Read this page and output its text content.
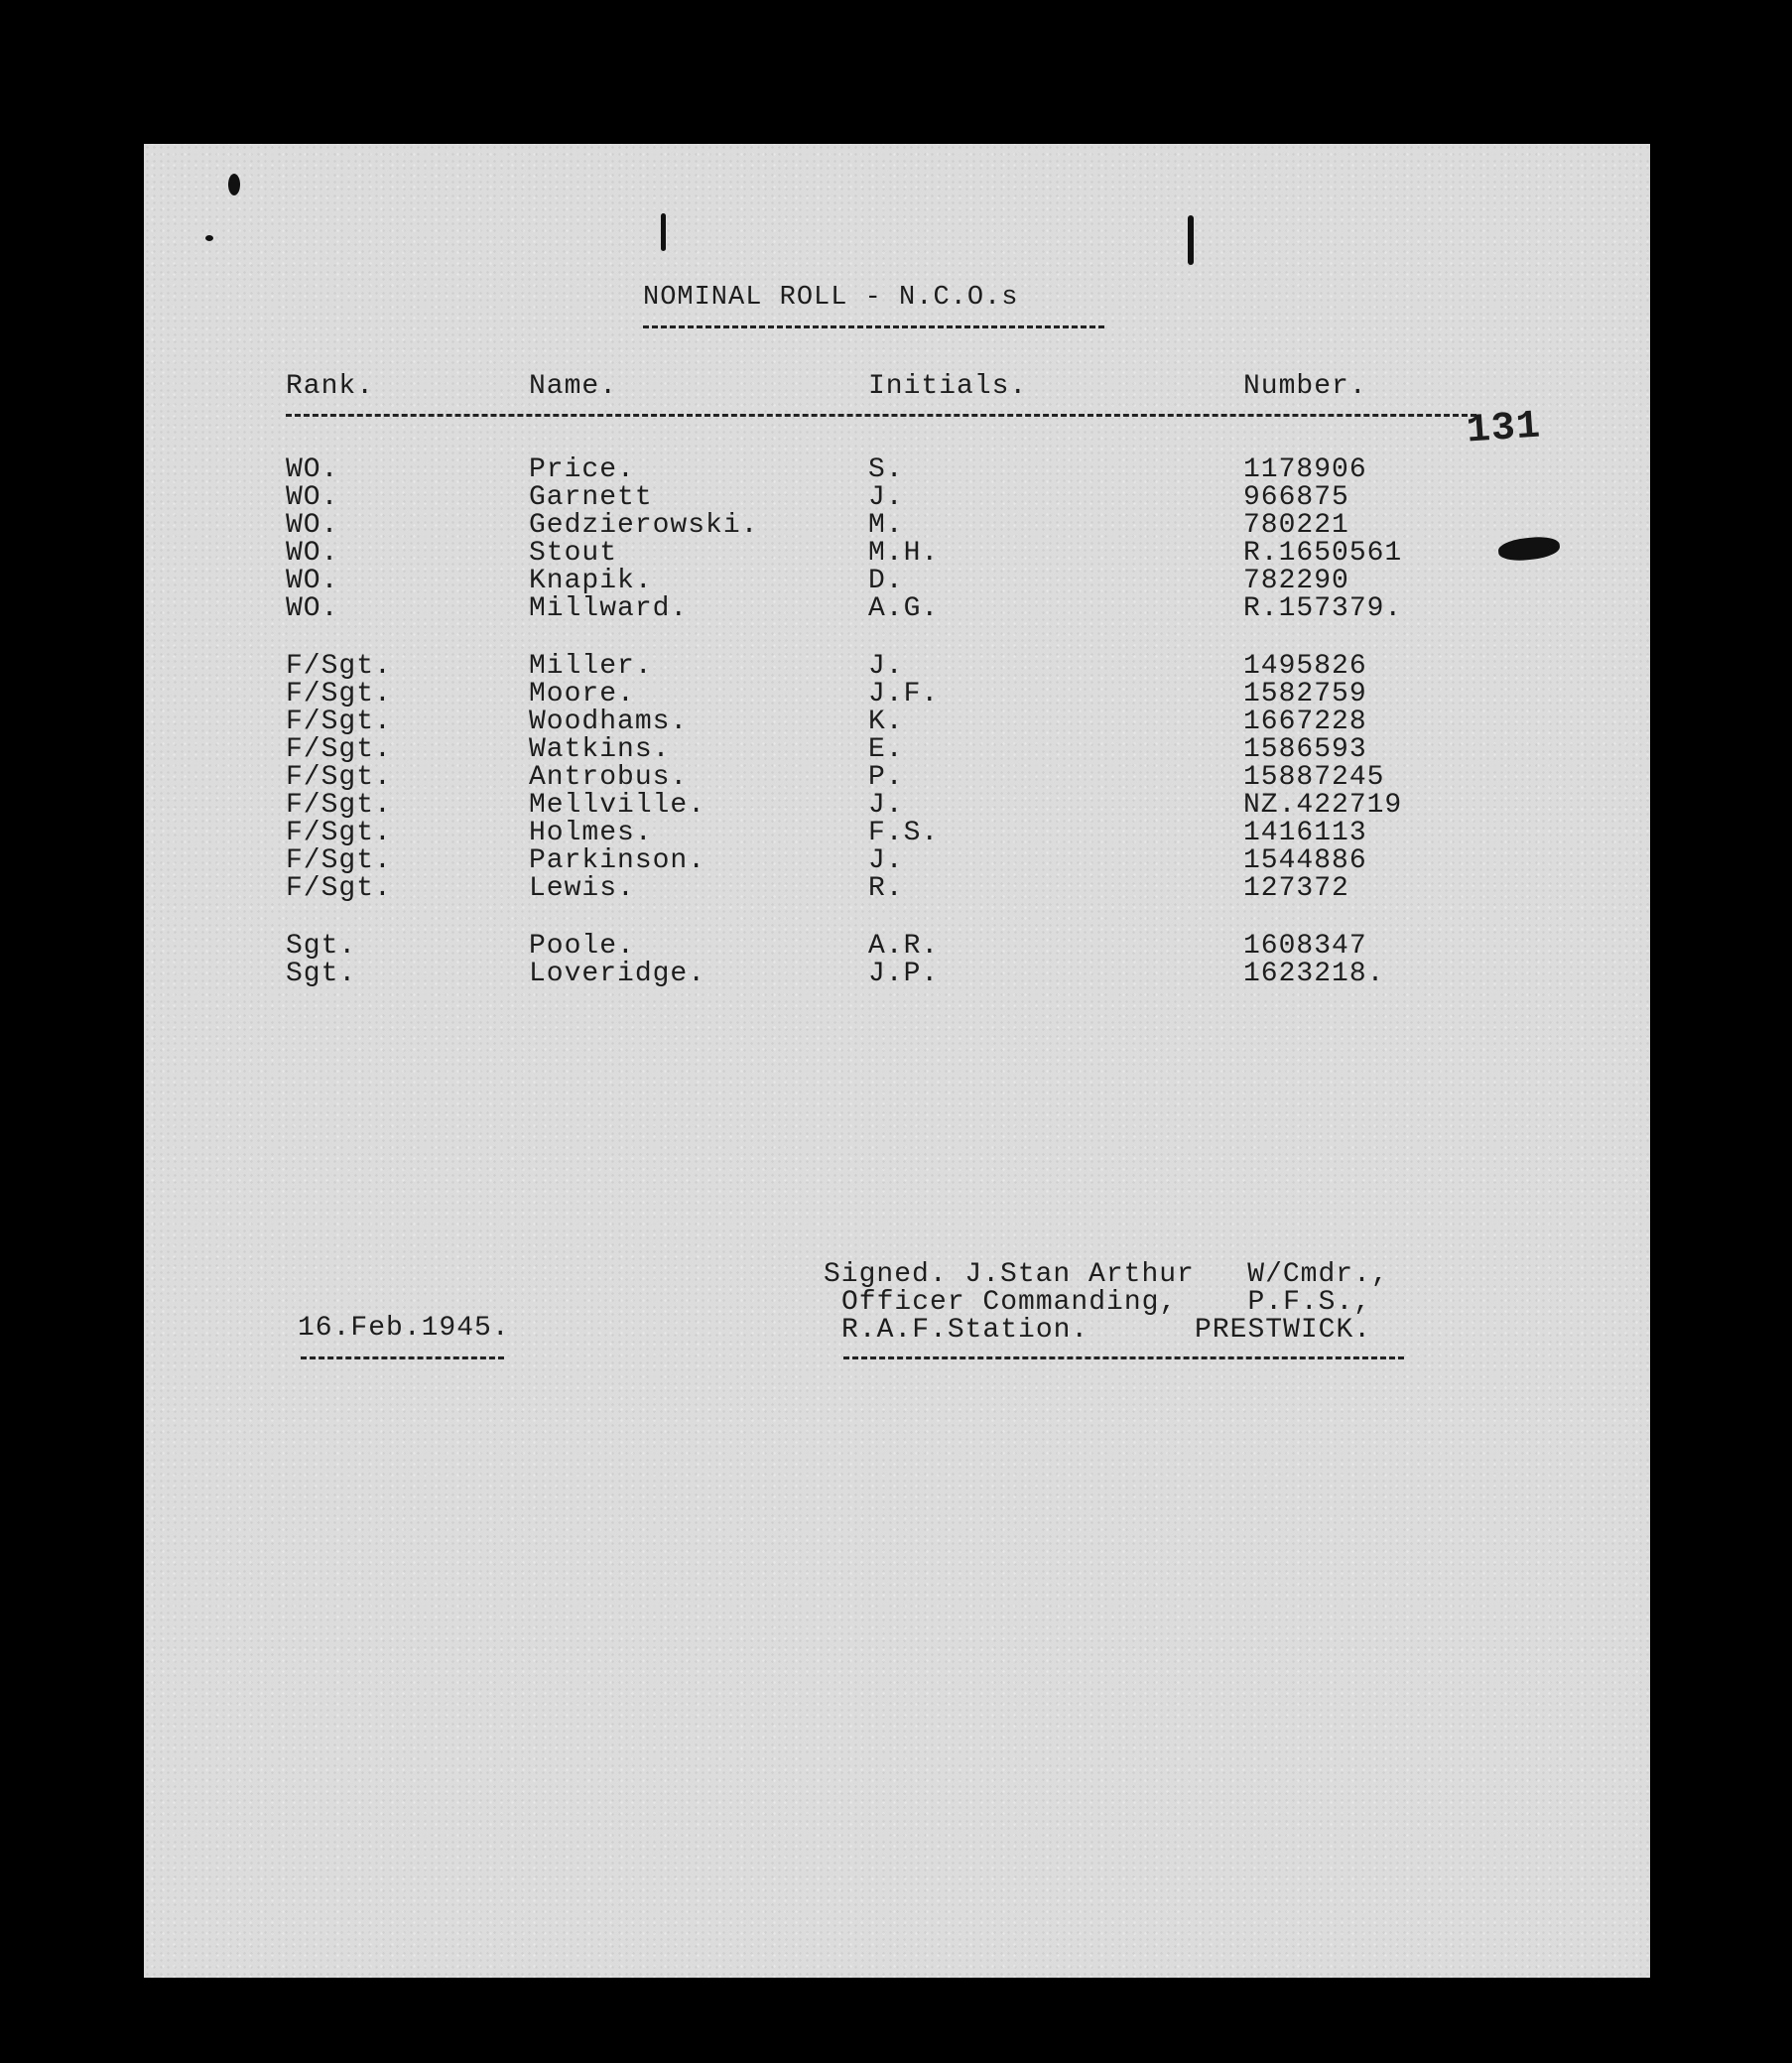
NOMINAL ROLL - N.C.O.s
Rank.	Name.	Initials.	Number.
131
WO.	Price.	S.	1178906
WO.	Garnett	J.	966875
WO.	Gedzierowski.	M.	780221
WO.	Stout	M.H.	R.1650561
WO.	Knapik.	D.	782290
WO.	Millward.	A.G.	R.157379.
F/Sgt.	Miller.	J.	1495826
F/Sgt.	Moore.	J.F.	1582759
F/Sgt.	Woodhams.	K.	1667228
F/Sgt.	Watkins.	E.	1586593
F/Sgt.	Antrobus.	P.	15887245
F/Sgt.	Mellville.	J.	NZ.422719
F/Sgt.	Holmes.	F.S.	1416113
F/Sgt.	Parkinson.	J.	1544886
F/Sgt.	Lewis.	R.	127372
Sgt.	Poole.	A.R.	1608347
Sgt.	Loveridge.	J.P.	1623218.
Signed. J.Stan Arthur   W/Cmdr.,
Officer Commanding,    P.F.S.,
R.A.F.Station.      PRESTWICK.
16.Feb.1945.
